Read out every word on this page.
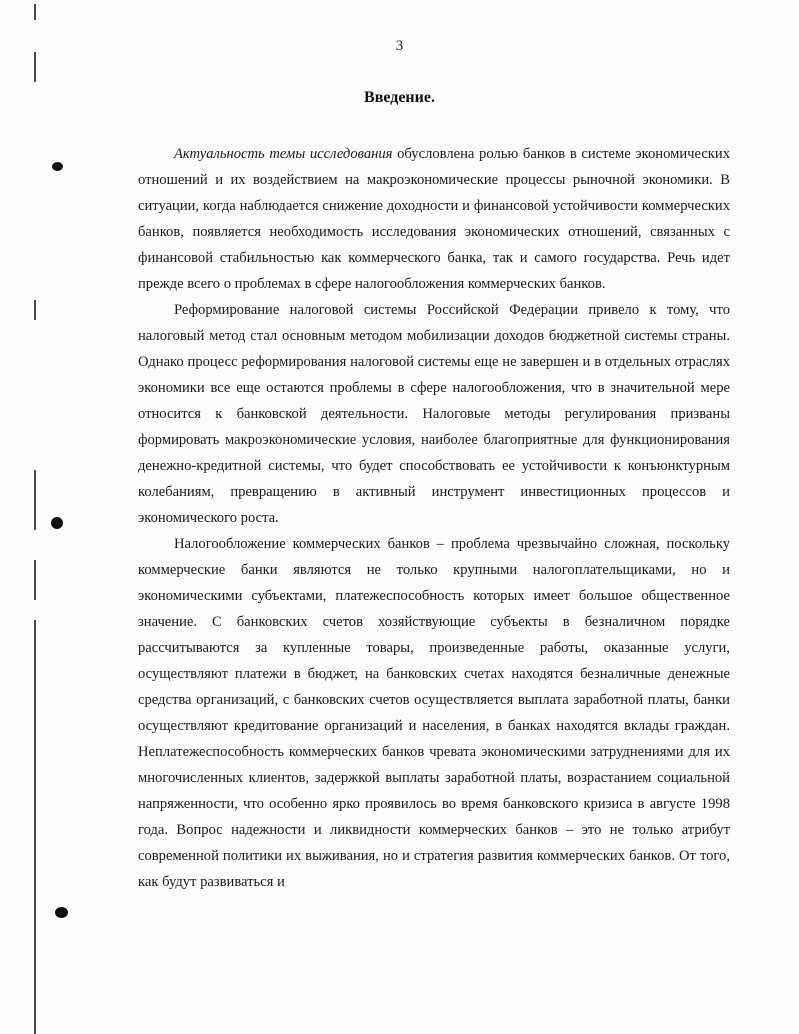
3
Введение.

Актуальность темы исследования обусловлена ролью банков в системе экономических отношений и их воздействием на макроэкономические процессы рыночной экономики. В ситуации, когда наблюдается снижение доходности и финансовой устойчивости коммерческих банков, появляется необходимость исследования экономических отношений, связанных с финансовой стабильностью как коммерческого банка, так и самого государства. Речь идет прежде всего о проблемах в сфере налогообложения коммерческих банков.

Реформирование налоговой системы Российской Федерации привело к тому, что налоговый метод стал основным методом мобилизации доходов бюджетной системы страны. Однако процесс реформирования налоговой системы еще не завершен и в отдельных отраслях экономики все еще остаются проблемы в сфере налогообложения, что в значительной мере относится к банковской деятельности. Налоговые методы регулирования призваны формировать макроэкономические условия, наиболее благоприятные для функционирования денежно-кредитной системы, что будет способствовать ее устойчивости к конъюнктурным колебаниям, превращению в активный инструмент инвестиционных процессов и экономического роста.

Налогообложение коммерческих банков – проблема чрезвычайно сложная, поскольку коммерческие банки являются не только крупными налогоплательщиками, но и экономическими субъектами, платежеспособность которых имеет большое общественное значение. С банковских счетов хозяйствующие субъекты в безналичном порядке рассчитываются за купленные товары, произведенные работы, оказанные услуги, осуществляют платежи в бюджет, на банковских счетах находятся безналичные денежные средства организаций, с банковских счетов осуществляется выплата заработной платы, банки осуществляют кредитование организаций и населения, в банках находятся вклады граждан. Неплатежеспособность коммерческих банков чревата экономическими затруднениями для их многочисленных клиентов, задержкой выплаты заработной платы, возрастанием социальной напряженности, что особенно ярко проявилось во время банковского кризиса в августе 1998 года. Вопрос надежности и ликвидности коммерческих банков – это не только атрибут современной политики их выживания, но и стратегия развития коммерческих банков. От того, как будут развиваться и
